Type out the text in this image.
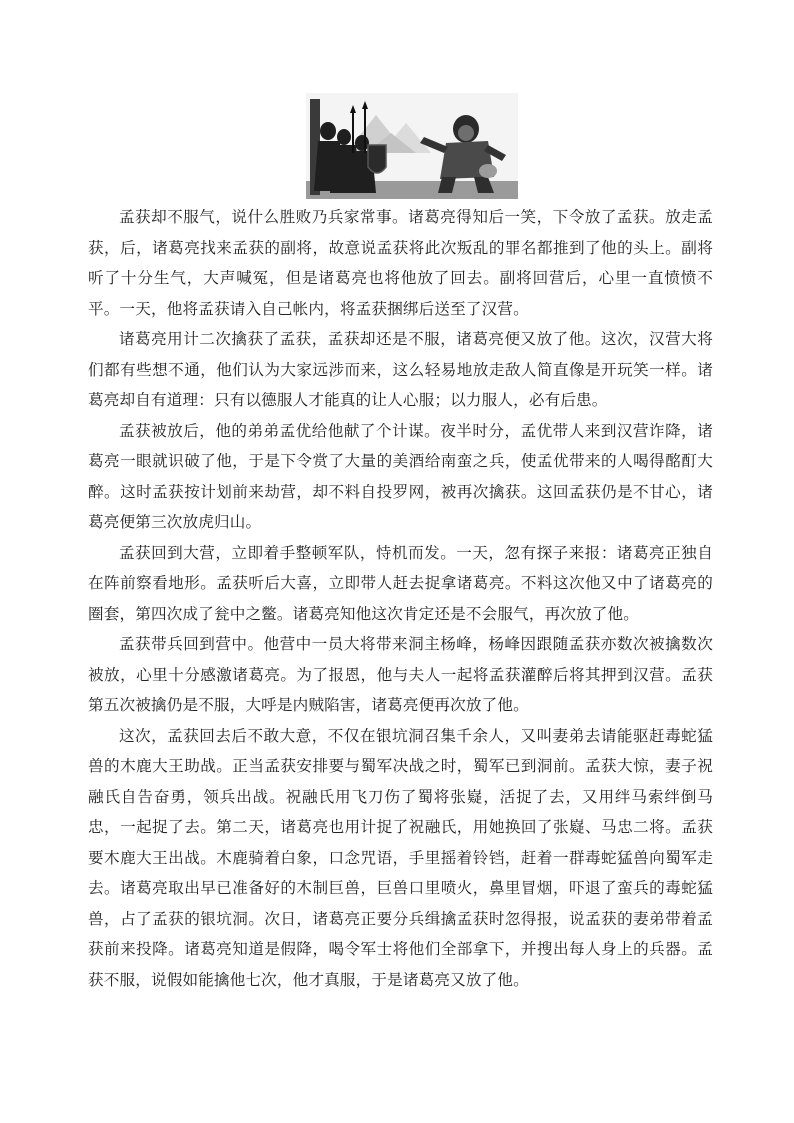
孟获却不服气，说什么胜败乃兵家常事。诸葛亮得知后一笑，下令放了孟获。放走孟获，后，诸葛亮找来孟获的副将，故意说孟获将此次叛乱的罪名都推到了他的头上。副将听了十分生气，大声喊冤，但是诸葛亮也将他放了回去。副将回营后，心里一直愤愤不平。一天，他将孟获请入自己帐内，将孟获捆绑后送至了汉营。

诸葛亮用计二次擒获了孟获，孟获却还是不服，诸葛亮便又放了他。这次，汉营大将们都有些想不通，他们认为大家远涉而来，这么轻易地放走敌人简直像是开玩笑一样。诸葛亮却自有道理：只有以德服人才能真的让人心服；以力服人，必有后患。

孟获被放后，他的弟弟孟优给他献了个计谋。夜半时分，孟优带人来到汉营诈降，诸葛亮一眼就识破了他，于是下令赏了大量的美酒给南蛮之兵，使孟优带来的人喝得酩酊大醉。这时孟获按计划前来劫营，却不料自投罗网，被再次擒获。这回孟获仍是不甘心，诸葛亮便第三次放虎归山。

孟获回到大营，立即着手整顿军队，恃机而发。一天，忽有探子来报：诸葛亮正独自在阵前察看地形。孟获听后大喜，立即带人赶去捉拿诸葛亮。不料这次他又中了诸葛亮的圈套，第四次成了瓮中之鳖。诸葛亮知他这次肯定还是不会服气，再次放了他。

孟获带兵回到营中。他营中一员大将带来洞主杨峰，杨峰因跟随孟获亦数次被擒数次被放，心里十分感激诸葛亮。为了报恩，他与夫人一起将孟获灌醉后将其押到汉营。孟获第五次被擒仍是不服，大呼是内贼陷害，诸葛亮便再次放了他。

这次，孟获回去后不敢大意，不仅在银坑洞召集千余人，又叫妻弟去请能驱赶毒蛇猛兽的木鹿大王助战。正当孟获安排要与蜀军决战之时，蜀军已到洞前。孟获大惊，妻子祝融氏自告奋勇，领兵出战。祝融氏用飞刀伤了蜀将张嶷，活捉了去，又用绊马索绊倒马忠，一起捉了去。第二天，诸葛亮也用计捉了祝融氏，用她换回了张嶷、马忠二将。孟获要木鹿大王出战。木鹿骑着白象，口念咒语，手里摇着铃铛，赶着一群毒蛇猛兽向蜀军走去。诸葛亮取出早已准备好的木制巨兽，巨兽口里喷火，鼻里冒烟，吓退了蛮兵的毒蛇猛兽，占了孟获的银坑洞。次日，诸葛亮正要分兵缉擒孟获时忽得报，说孟获的妻弟带着孟获前来投降。诸葛亮知道是假降，喝令军士将他们全部拿下，并搜出每人身上的兵器。孟获不服，说假如能擒他七次，他才真服，于是诸葛亮又放了他。
